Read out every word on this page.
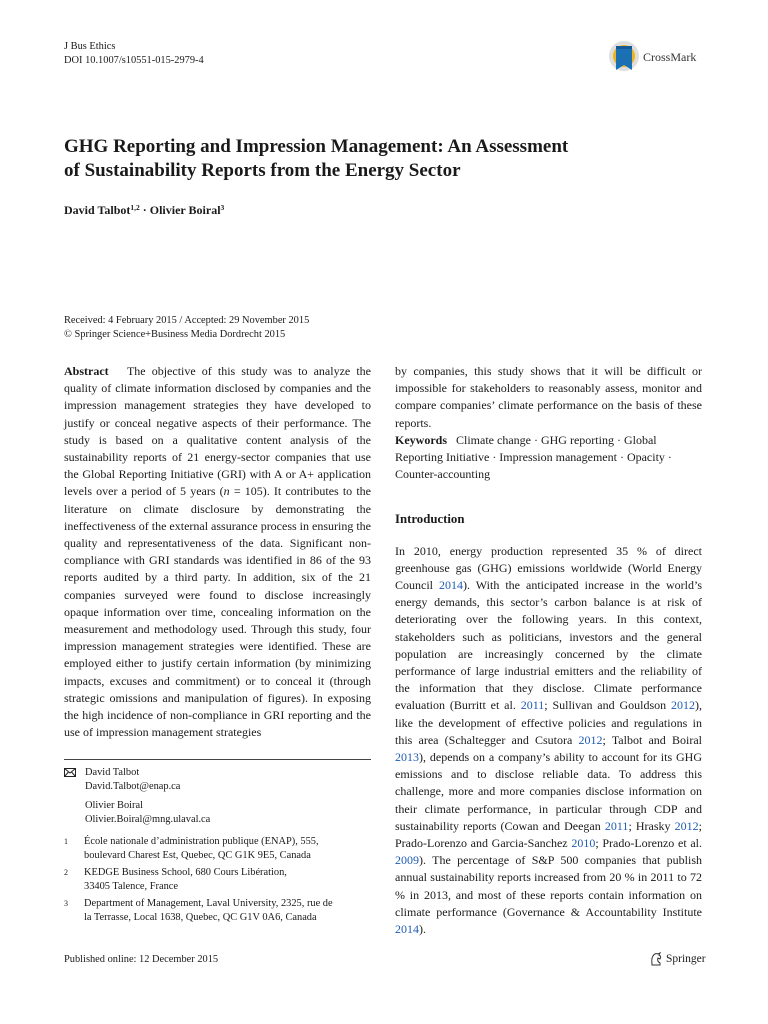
J Bus Ethics
DOI 10.1007/s10551-015-2979-4	CrossMark
GHG Reporting and Impression Management: An Assessment
of Sustainability Reports from the Energy Sector
David Talbot$^{1,2}$ · Olivier Boiral$^3$
Received: 4 February 2015 / Accepted: 29 November 2015
© Springer Science+Business Media Dordrecht 2015

Abstract The objective of this study was to analyze the quality of climate information disclosed by companies and the impression management strategies they have developed to justify or conceal negative aspects of their performance. The study is based on a qualitative content analysis of the sustainability reports of 21 energy-sector companies that use the Global Reporting Initiative (GRI) with A or A+ application levels over a period of 5 years (n = 105). It contributes to the literature on climate disclosure by demonstrating the ineffectiveness of the external assurance process in ensuring the quality and representativeness of the data. Significant non-compliance with GRI standards was identified in 86 of the 93 reports audited by a third party. In addition, six of the 21 companies surveyed were found to disclose increasingly opaque information over time, concealing information on the measurement and methodology used. Through this study, four impression management strategies were identified. These are employed either to justify certain information (by minimizing impacts, excuses and commitment) or to conceal it (through strategic omissions and manipulation of figures). In exposing the high incidence of non-compliance in GRI reporting and the use of impression management strategies

by companies, this study shows that it will be difficult or impossible for stakeholders to reasonably assess, monitor and compare companies’ climate performance on the basis of these reports.

Keywords Climate change · GHG reporting · Global Reporting Initiative · Impression management · Opacity · Counter-accounting

Introduction

In 2010, energy production represented 35 % of direct greenhouse gas (GHG) emissions worldwide (World Energy Council 2014). With the anticipated increase in the world’s energy demands, this sector’s carbon balance is at risk of deteriorating over the following years. In this context, stakeholders such as politicians, investors and the general population are increasingly concerned by the climate performance of large industrial emitters and the reliability of the information that they disclose. Climate performance evaluation (Burritt et al. 2011; Sullivan and Gouldson 2012), like the development of effective policies and regulations in this area (Schaltegger and Csutora 2012; Talbot and Boiral 2013), depends on a company’s ability to account for its GHG emissions and to disclose reliable data. To address this challenge, more and more companies disclose information on their climate performance, in particular through CDP and sustainability reports (Cowan and Deegan 2011; Hrasky 2012; Prado-Lorenzo and Garcia-Sanchez 2010; Prado-Lorenzo et al. 2009). The percentage of S&P 500 companies that publish annual sustainability reports increased from 20 % in 2011 to 72 % in 2013, and most of these reports contain information on climate performance (Governance & Accountability Institute 2014).

David Talbot
David.Talbot@enap.ca
Olivier Boiral
Olivier.Boiral@mng.ulaval.ca
1 École nationale d’administration publique (ENAP), 555,
boulevard Charest Est, Quebec, QC G1K 9E5, Canada
2 KEDGE Business School, 680 Cours Libération,
33405 Talence, France
3 Department of Management, Laval University, 2325, rue de
la Terrasse, Local 1638, Quebec, QC G1V 0A6, Canada
Published online: 12 December 2015	Springer
